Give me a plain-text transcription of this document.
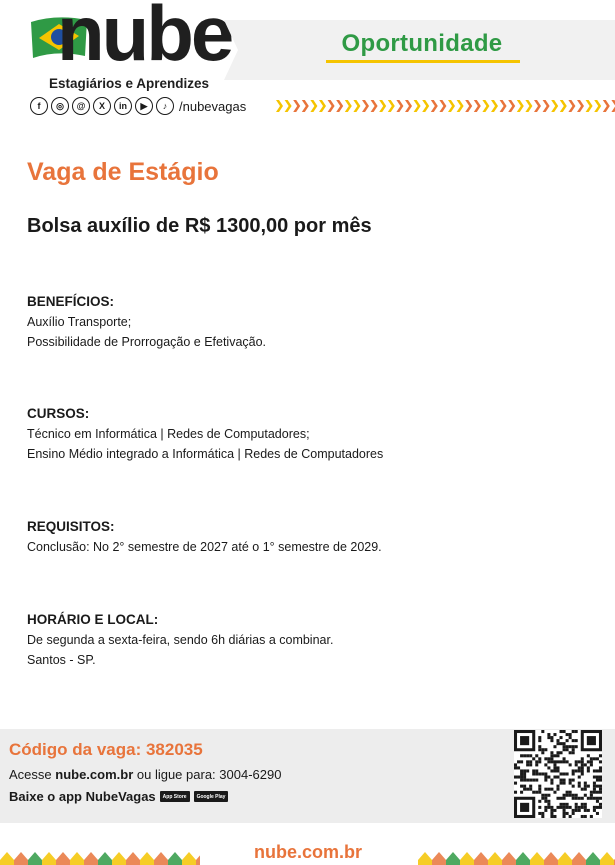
nube
Estagiários e Aprendizes
Oportunidade
f	◎	@	X	in	▶	♪ /nubevagas
Vaga de Estágio
Bolsa auxílio de R$ 1300,00 por mês
BENEFÍCIOS:
Auxílio Transporte;
Possibilidade de Prorrogação e Efetivação.
CURSOS:
Técnico em Informática | Redes de Computadores;
Ensino Médio integrado a Informática | Redes de Computadores
REQUISITOS:
Conclusão: No 2° semestre de 2027 até o 1° semestre de 2029.
HORÁRIO E LOCAL:
De segunda a sexta-feira, sendo 6h diárias a combinar.
Santos - SP.
Código da vaga: 382035
Acesse nube.com.br ou ligue para: 3004-6290
Baixe o app NubeVagas	App Store	Google Play
nube.com.br
